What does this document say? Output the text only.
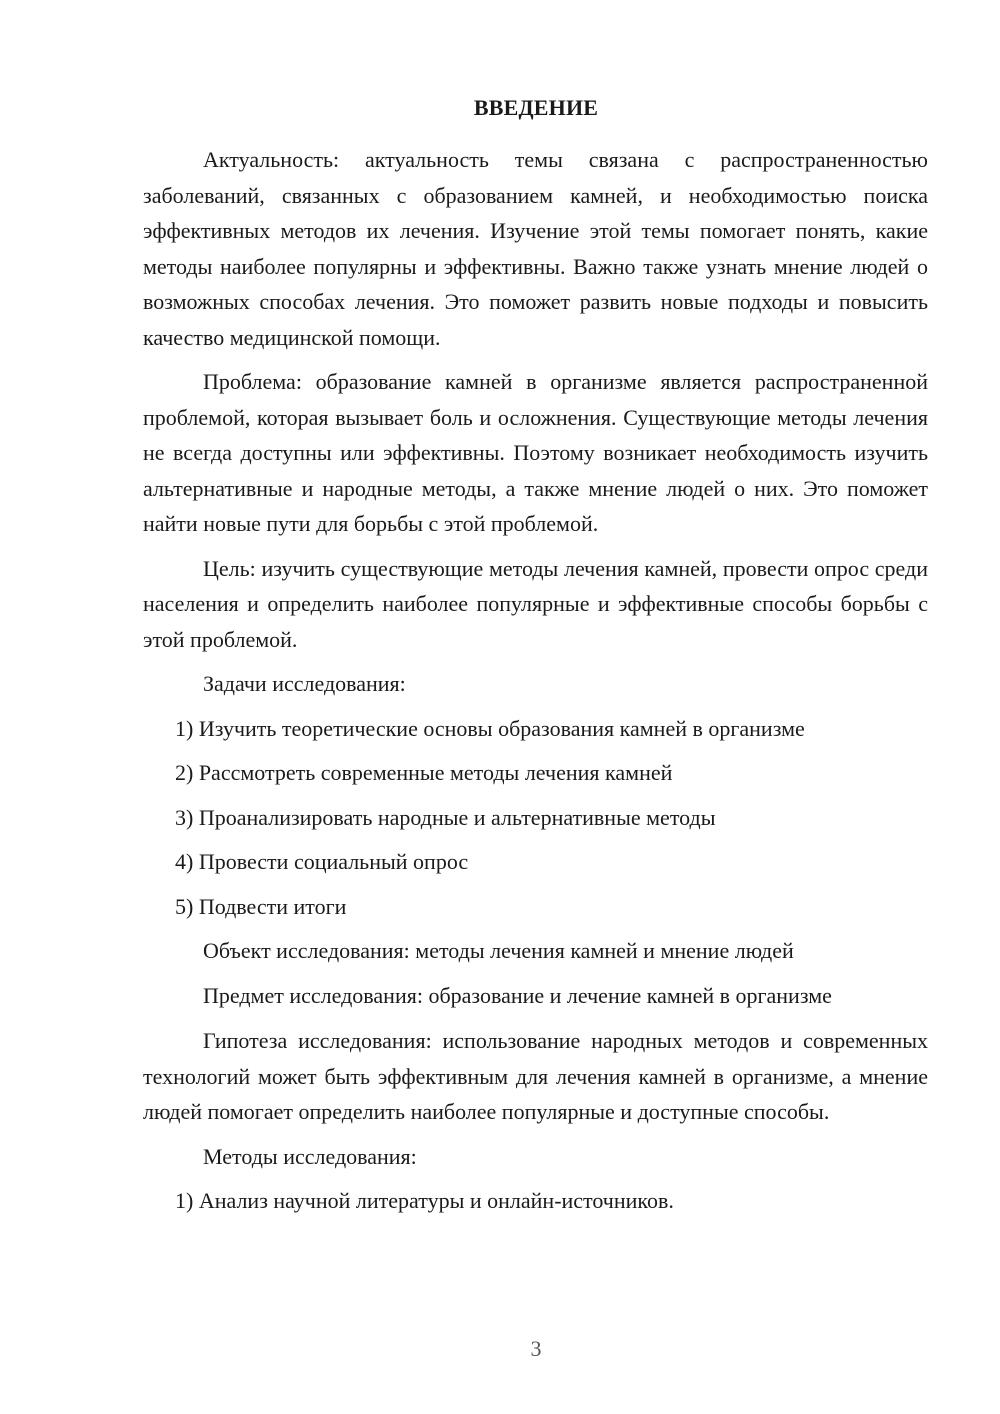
ВВЕДЕНИЕ

Актуальность: актуальность темы связана с распространенностью заболеваний, связанных с образованием камней, и необходимостью поиска эффективных методов их лечения. Изучение этой темы помогает понять, какие методы наиболее популярны и эффективны. Важно также узнать мнение людей о возможных способах лечения. Это поможет развить новые подходы и повысить качество медицинской помощи.

Проблема: образование камней в организме является распространенной проблемой, которая вызывает боль и осложнения. Существующие методы лечения не всегда доступны или эффективны. Поэтому возникает необходимость изучить альтернативные и народные методы, а также мнение людей о них. Это поможет найти новые пути для борьбы с этой проблемой.

Цель: изучить существующие методы лечения камней, провести опрос среди населения и определить наиболее популярные и эффективные способы борьбы с этой проблемой.

Задачи исследования:

1) Изучить теоретические основы образования камней в организме

2) Рассмотреть современные методы лечения камней

3) Проанализировать народные и альтернативные методы

4) Провести социальный опрос

5) Подвести итоги

Объект исследования: методы лечения камней и мнение людей

Предмет исследования: образование и лечение камней в организме

Гипотеза исследования: использование народных методов и современных технологий может быть эффективным для лечения камней в организме, а мнение людей помогает определить наиболее популярные и доступные способы.

Методы исследования:

1) Анализ научной литературы и онлайн-источников.

3
